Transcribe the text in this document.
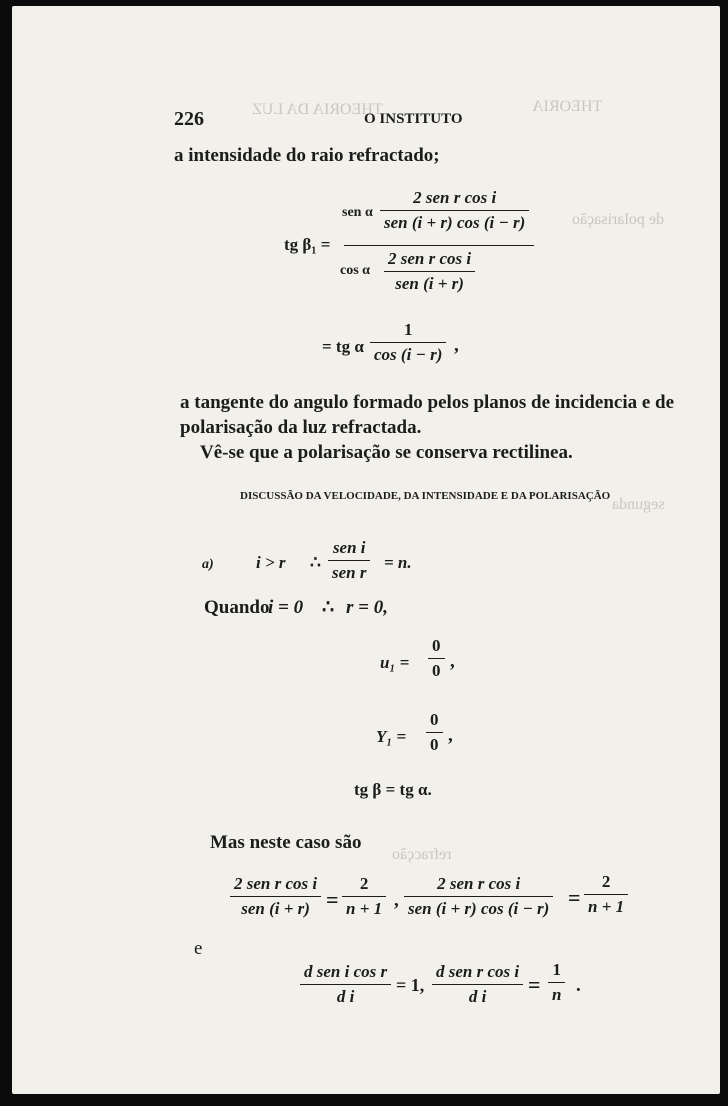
THEORIA DA LUZ	THEORIA
de polarisação
segunda
refracção
226	O INSTITUTO
a intensidade do raio refractado;
tg β₁ =
sen α
2 sen r cos i
sen (i + r) cos (i − r)
cos α
2 sen r cos i
sen (i + r)
= tg α
1
cos (i − r) ,
a tangente do angulo formado pelos planos de incidencia e de
polarisação da luz refractada.
Vê-se que a polarisação se conserva rectilinea.
DISCUSSÃO DA VELOCIDADE, DA INTENSIDADE E DA POLARISAÇÃO
a) i > r ∴
sen i
sen r
= n.
Quando
i = 0 ∴ r = 0,
u₁ =
0
0 ,
Y₁ =
0
0 ,
tg β = tg α.
Mas neste caso são
2 sen r cos i
sen (i + r) =
2
n + 1 ,
2 sen r cos i
sen (i + r) cos (i − r) =
2
n + 1
e
d sen i cos r
d i
= 1,
d sen r cos i
d i =
1
n .
